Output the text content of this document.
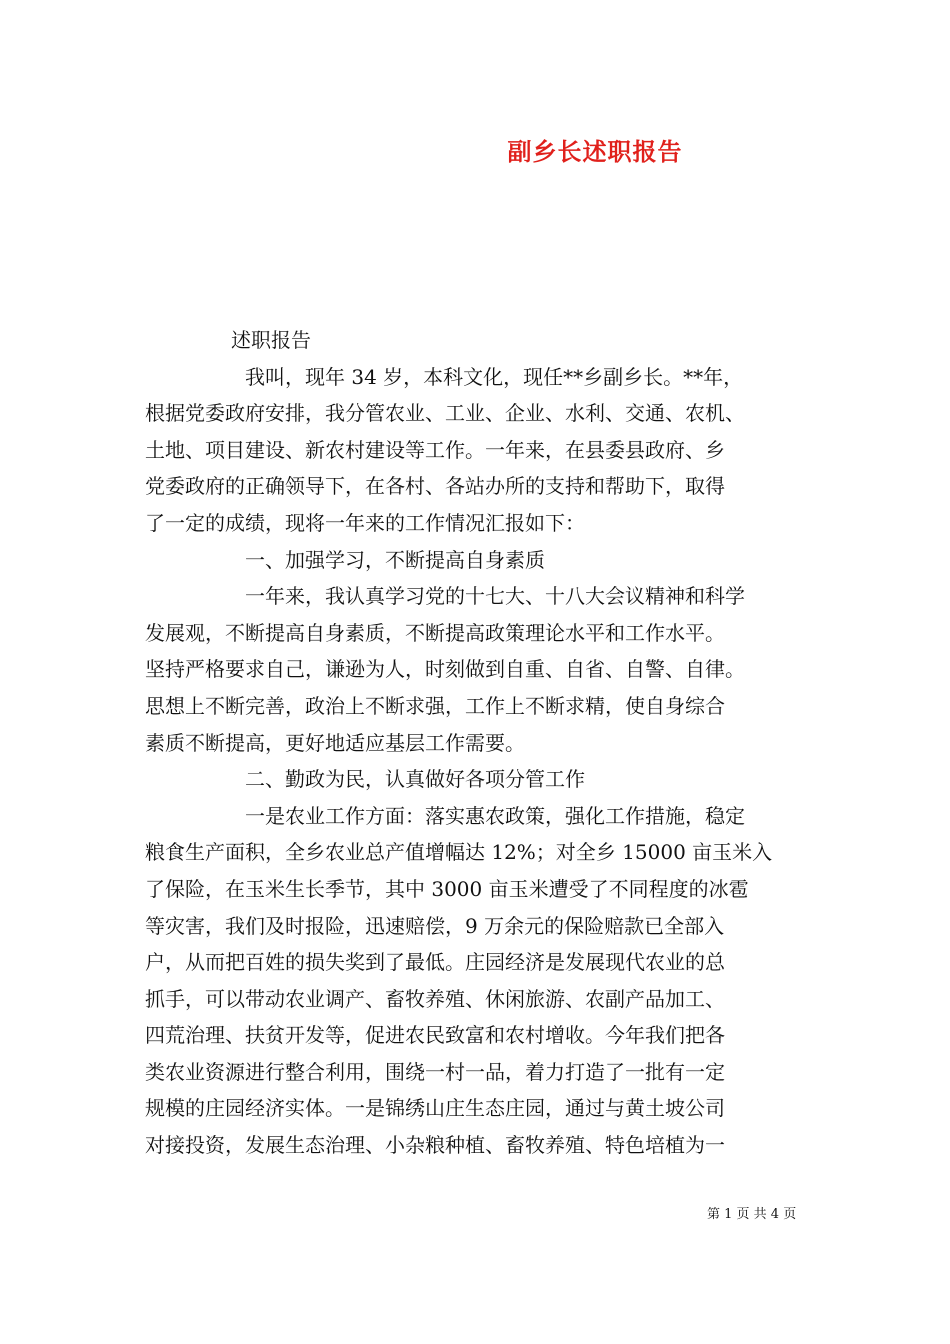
副乡长述职报告
述职报告
我叫，现年 34 岁，本科文化，现任**乡副乡长。**年，
根据党委政府安排，我分管农业、工业、企业、水利、交通、农机、
土地、项目建设、新农村建设等工作。一年来，在县委县政府、乡
党委政府的正确领导下，在各村、各站办所的支持和帮助下，取得
了一定的成绩，现将一年来的工作情况汇报如下：
一、加强学习，不断提高自身素质
一年来，我认真学习党的十七大、十八大会议精神和科学
发展观，不断提高自身素质，不断提高政策理论水平和工作水平。
坚持严格要求自己，谦逊为人，时刻做到自重、自省、自警、自律。
思想上不断完善，政治上不断求强，工作上不断求精，使自身综合
素质不断提高，更好地适应基层工作需要。
二、勤政为民，认真做好各项分管工作
一是农业工作方面：落实惠农政策，强化工作措施，稳定
粮食生产面积，全乡农业总产值增幅达 12%；对全乡 15000 亩玉米入
了保险，在玉米生长季节，其中 3000 亩玉米遭受了不同程度的冰雹
等灾害，我们及时报险，迅速赔偿，9 万余元的保险赔款已全部入
户，从而把百姓的损失奖到了最低。庄园经济是发展现代农业的总
抓手，可以带动农业调产、畜牧养殖、休闲旅游、农副产品加工、
四荒治理、扶贫开发等，促进农民致富和农村增收。今年我们把各
类农业资源进行整合利用，围绕一村一品，着力打造了一批有一定
规模的庄园经济实体。一是锦绣山庄生态庄园，通过与黄土坡公司
对接投资，发展生态治理、小杂粮种植、畜牧养殖、特色培植为一
第 1 页 共 4 页
